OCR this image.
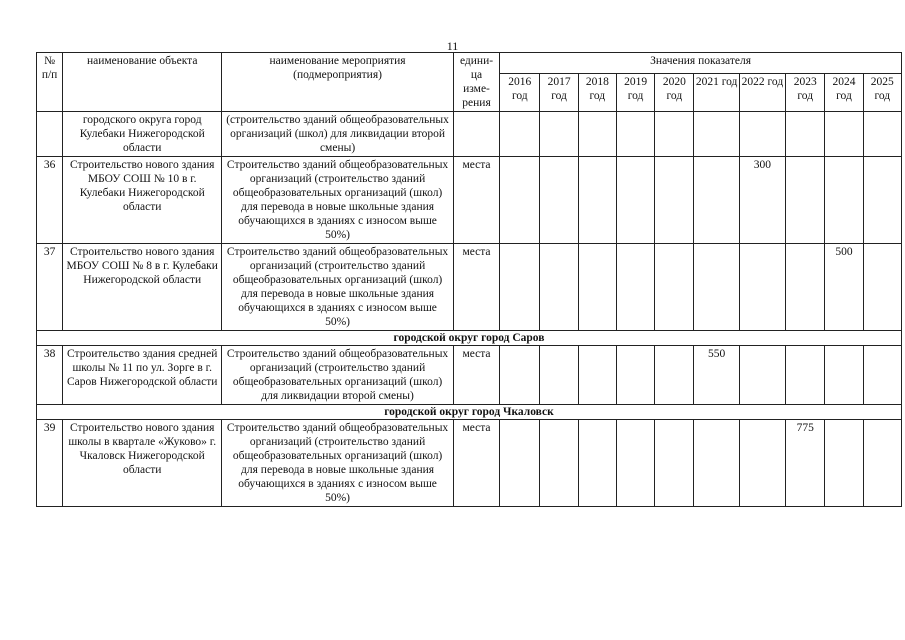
11
№ п/п	наименование объекта	наименование мероприятия (подмероприятия)	едини-ца изме-рения	Значения показателя									
				2016 год	2017 год	2018 год	2019 год	2020 год	2021 год	2022 год	2023 год	2024 год	2025 год
	городского округа город Кулебаки Нижегородской области	(строительство зданий общеобразовательных организаций (школ) для ликвидации второй смены)											
36	Строительство нового здания МБОУ СОШ № 10 в г. Кулебаки Нижегородской области	Строительство зданий общеобразовательных организаций (строительство зданий общеобразовательных организаций (школ) для перевода в новые школьные здания обучающихся в зданиях с износом выше 50%)	места							300			
37	Строительство нового здания МБОУ СОШ № 8 в г. Кулебаки Нижегородской области	Строительство зданий общеобразовательных организаций (строительство зданий общеобразовательных организаций (школ) для перевода в новые школьные здания обучающихся в зданиях с износом выше 50%)	места									500	
городской округ город Саров													
38	Строительство здания средней школы № 11 по ул. Зорге в г. Саров Нижегородской области	Строительство зданий общеобразовательных организаций (строительство зданий общеобразовательных организаций (школ) для ликвидации второй смены)	места						550				
городской округ город Чкаловск													
39	Строительство нового здания школы в квартале «Жуково» г. Чкаловск Нижегородской области	Строительство зданий общеобразовательных организаций (строительство зданий общеобразовательных организаций (школ) для перевода в новые школьные здания обучающихся в зданиях с износом выше 50%)	места								775		
